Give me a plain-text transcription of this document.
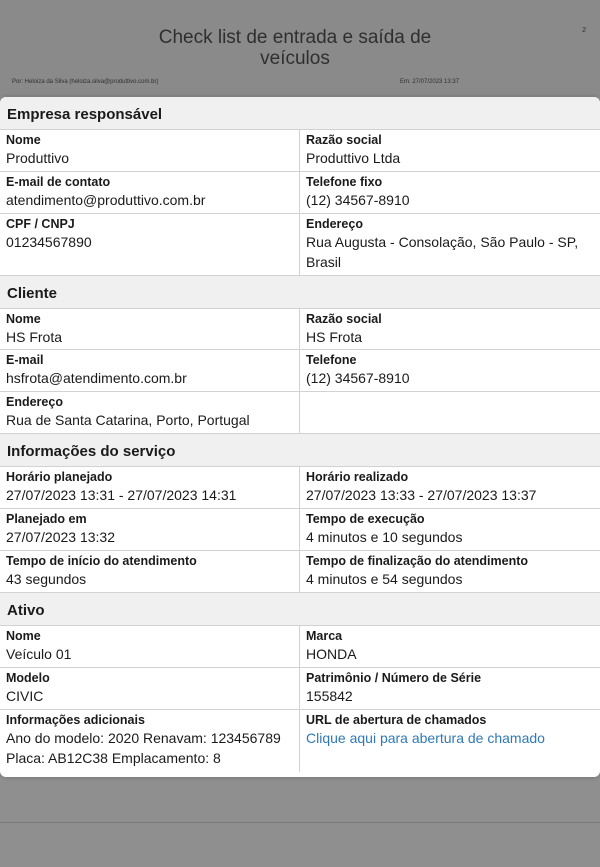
Check list de entrada e saída de
veículos
2
Por: Heloiza da Silva (heloiza.silva@produttivo.com.br)	Em: 27/07/2023 13:37
Empresa responsável
Nome
Produttivo
Razão social
Produttivo Ltda
E-mail de contato
atendimento@produttivo.com.br
Telefone fixo
(12) 34567-8910
CPF / CNPJ
01234567890
Endereço
Rua Augusta - Consolação, São Paulo - SP,
Brasil
Cliente
Nome
HS Frota
Razão social
HS Frota
E-mail
hsfrota@atendimento.com.br
Telefone
(12) 34567-8910
Endereço
Rua de Santa Catarina, Porto, Portugal
Informações do serviço
Horário planejado
27/07/2023 13:31 - 27/07/2023 14:31
Horário realizado
27/07/2023 13:33 - 27/07/2023 13:37
Planejado em
27/07/2023 13:32
Tempo de execução
4 minutos e 10 segundos
Tempo de início do atendimento
43 segundos
Tempo de finalização do atendimento
4 minutos e 54 segundos
Ativo
Nome
Veículo 01
Marca
HONDA
Modelo
CIVIC
Patrimônio / Número de Série
155842
Informações adicionais
Ano do modelo: 2020 Renavam: 123456789
Placa: AB12C38 Emplacamento: 8
URL de abertura de chamados
Clique aqui para abertura de chamado
